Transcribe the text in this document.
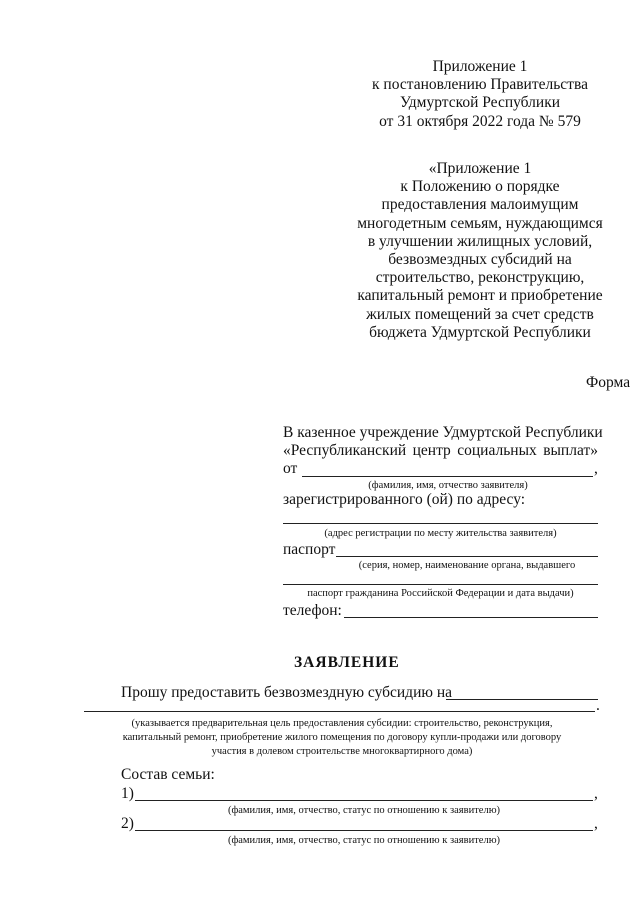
Приложение 1
к постановлению Правительства
Удмуртской Республики
от 31 октября 2022 года № 579
«Приложение 1
к Положению о порядке
предоставления малоимущим
многодетным семьям, нуждающимся
в улучшении жилищных условий,
безвозмездных субсидий на
строительство, реконструкцию,
капитальный ремонт и приобретение
жилых помещений за счет средств
бюджета Удмуртской Республики
Форма
В казенное учреждение Удмуртской Республики
«Республиканский центр социальных выплат»
от	,
(фамилия, имя, отчество заявителя)
зарегистрированного (ой) по адресу:
(адрес регистрации по месту жительства заявителя)
паспорт
(серия, номер, наименование органа, выдавшего
паспорт гражданина Российской Федерации и дата выдачи)
телефон:
ЗАЯВЛЕНИЕ
Прошу предоставить безвозмездную субсидию на
.
(указывается предварительная цель предоставления субсидии: строительство, реконструкция,
капитальный ремонт, приобретение жилого помещения по договору купли-продажи или договору
участия в долевом строительстве многоквартирного дома)
Состав семьи:
1)	,
(фамилия, имя, отчество, статус по отношению к заявителю)
2)	,
(фамилия, имя, отчество, статус по отношению к заявителю)
